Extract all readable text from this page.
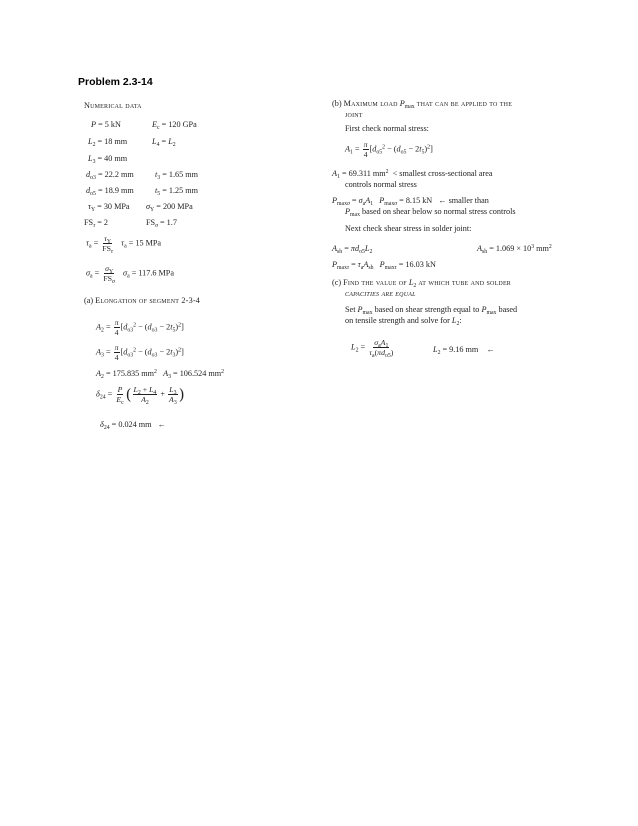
Problem 2.3-14
Numerical data
P = 5 kN	$E_c = 120$ GPa
$L_2 = 18$ mm	$L_4 = L_2$
$L_3 = 40$ mm
$d_{o3} = 22.2$ mm	$t_3 = 1.65$ mm
$d_{o5} = 18.9$ mm	$t_5 = 1.25$ mm
$\tau_Y = 30$ MPa $\sigma_Y = 200$ MPa
$FS_\tau = 2$	$FS_\sigma = 1.7$
$\tau_a = \frac{\tau_Y}{FS_\tau} \tau_a = 15$ MPa
$\sigma_a = \frac{\sigma_Y}{FS_\sigma} \sigma_a = 117.6$ MPa
(a) Elongation of segment 2-3-4
$A_2 = \frac{\pi}{4} [d_{o3}^2 - (d_{o3} - 2t_5)^2]$
$A_3 = \frac{\pi}{4} [d_{o3}^2 - (d_{o3} - 2t_3)^2]$
$A_2 = 175.835$ $mm^2$ $A_3 = 106.524$ $mm^2$
$\delta_{24} = \frac{P}{E_c}$ ( $\frac{L_2 + L_4}{A_2} + \frac{L_3}{A_3}$ )
$\delta_{24} = 0.024$ mm   ←
(b) Maximum load $P_{max}$ that can be applied to the
joint
First check normal stress:
$A_1 = \frac{\pi}{4} [d_{o5}^2 - (d_{o5} - 2t_5)^2]$
$A_1 = 69.311$ $mm^2$  < smallest cross-sectional area
controls normal stress
$P_{max\sigma} = \sigma_aA_1$ $P_{max\sigma} = 8.15$ kN   ← smaller than
$P_{max}$ based on shear below so normal stress controls
Next check shear stress in solder joint:
$A_{sh} = \pi d_{o5}L_2$	$A_{sh} = 1.069 \times 10^3$ $mm^2$
$P_{max\tau} = \tau_aA_{sh}$ $P_{max\tau} = 16.03$ kN
(c) Find the value of $L_2$ at which tube and solder
capacities are equal
Set $P_{max}$ based on shear strength equal to $P_{max}$ based
on tensile strength and solve for $L_2$:
$L_2 = \frac{\sigma_aA_1}{\tau_a(\pi d_{o5})}$	$L_2 = 9.16$ mm    ←
